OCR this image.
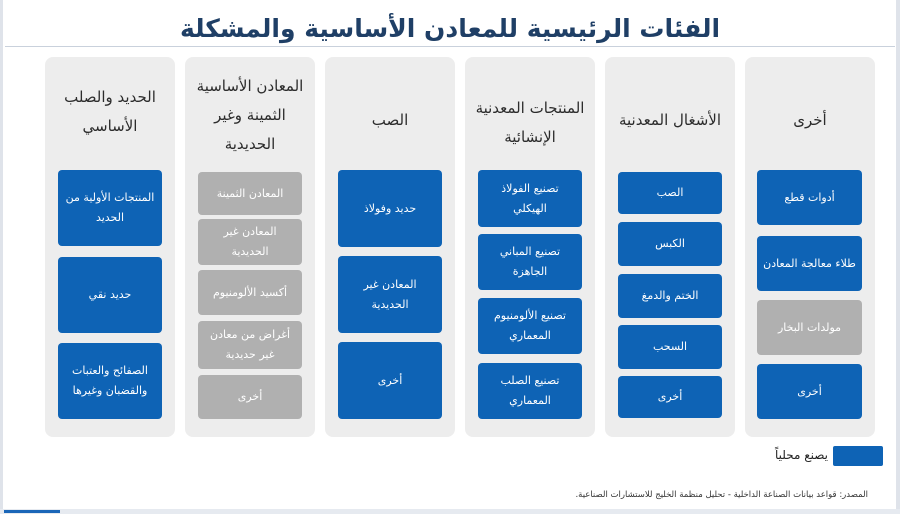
الفئات الرئيسية للمعادن الأساسية والمشكلة
أخرى
أدوات قطع
طلاء معالجة المعادن
مولدات البخار
أخرى
الأشغال المعدنية
الصب
الكبس
الختم والدمغ
السحب
أخرى
المنتجات المعدنية الإنشائية
تصنيع الفولاذ الهيكلي
تصنيع المباني الجاهزة
تصنيع الألومنيوم المعماري
تصنيع الصلب المعماري
الصب
حديد وفولاذ
المعادن غير الحديدية
أخرى
المعادن الأساسية الثمينة وغير الحديدية
المعادن الثمينة
المعادن غير الحديدية
أكسيد الألومنيوم
أغراض من معادن غير حديدية
أخرى
الحديد والصلب الأساسي
المنتجات الأولية من الحديد
حديد نقي
الصفائح والعتبات والقضبان وغيرها
يصنع محلياً
المصدر: قواعد بيانات الصناعة الداخلية - تحليل منظمة الخليج للاستشارات الصناعية.
